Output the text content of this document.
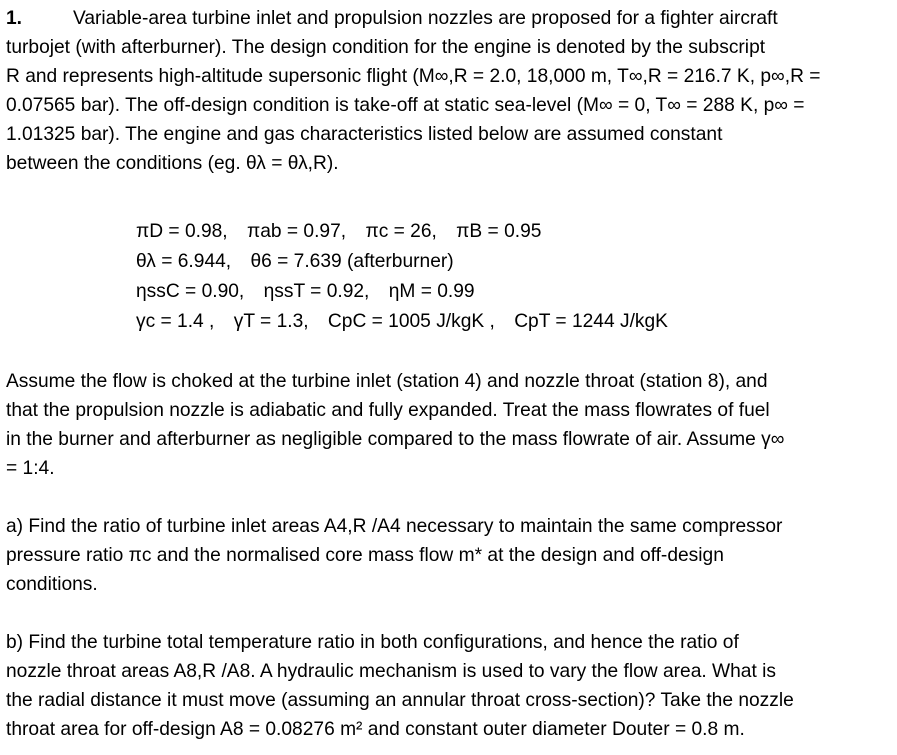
1.	Variable-area turbine inlet and propulsion nozzles are proposed for a fighter aircraft
turbojet (with afterburner). The design condition for the engine is denoted by the subscript
R and represents high-altitude supersonic flight (M∞,R = 2.0, 18,000 m, T∞,R = 216.7 K, p∞,R =
0.07565 bar). The off-design condition is take-off at static sea-level (M∞ = 0, T∞ = 288 K, p∞ =
1.01325 bar). The engine and gas characteristics listed below are assumed constant
between the conditions (eg. θλ = θλ,R).
πD = 0.98, πab = 0.97, πc = 26, πB = 0.95
θλ = 6.944, θ6 = 7.639 (afterburner)
ηssC = 0.90, ηssT = 0.92, ηM = 0.99
γc = 1.4 , γT = 1.3, CpC = 1005 J/kgK , CpT = 1244 J/kgK
Assume the flow is choked at the turbine inlet (station 4) and nozzle throat (station 8), and
that the propulsion nozzle is adiabatic and fully expanded. Treat the mass flowrates of fuel
in the burner and afterburner as negligible compared to the mass flowrate of air. Assume γ∞
= 1:4.
a) Find the ratio of turbine inlet areas A4,R /A4 necessary to maintain the same compressor
pressure ratio πc and the normalised core mass flow m* at the design and off-design
conditions.
b) Find the turbine total temperature ratio in both configurations, and hence the ratio of
nozzle throat areas A8,R /A8. A hydraulic mechanism is used to vary the flow area. What is
the radial distance it must move (assuming an annular throat cross-section)? Take the nozzle
throat area for off-design A8 = 0.08276 m² and constant outer diameter Douter = 0.8 m.
